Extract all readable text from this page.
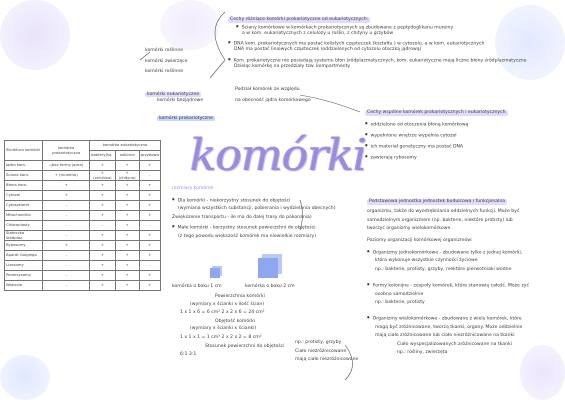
komórki
Cechy różniące komórki prokariotyczne od eukariotycznych:
● Ściany komórkowe w komórkach prokariotycznych są zbudowane z peptydoglikanu mureiny
a w kom. eukariotycznych z celulozy u roślin, z chityny u grzybów
● DNA kom. prokariotycznych ma postać kolistych cząsteczek (kształtu ) w cytozolu, a w kom. eukariotycznych
DNA ma postać liniowych cząsteczek (oddzielonych od cytozolu otoczką jądrową)
● Kom. prokariotyczne nie posiadają systemu błon śródplazmatycznych, kom. eukariotyczne mają liczne błony śródplazmatyczne
Dzieląc komórkę na przedziały tzw. kompartmenty
komórki roślinne
komórki zwierzęce
komórki roślinne
komórki eukariotyczne
Podział komórek ze względu
na obecność jądra komórkowego
komórki bezjądrowe
komórki prokariotyczne
Cechy wspólne komórek prokariotycznych i eukariotycznych
● oddzielone od otoczenia błoną komórkową
● wypełnione wnętrze wypełnia cytozol
● ich materiał genetyczny ma postać DNA
● zawierają rybosomy
Struktura komórki	komórka prokariotyczna	komórka eukariotyczna		
		bakteryjna	roślinna	grzybowa
Jądro kom.	-(bez formy jądra)	+	+	+
Ściana kom.	+ (mureina)	+ (celuloza)	+ (chityna)	-
Błona kom.	+	+	+	+
Cytozol	+	+	+	+
Cytoszkielet	-	+	+	+
Mitochondria	-	+	+	+
Chloroplasty	-	-	+	-
Siateczka śródplaz.	-	+	+	+
Rybosomy	+	+	+	+
Aparat Golgiego	-	+	+	+
Lizosomy	-	+	+	-
Peroksysomy	-	+	+	+
Wakuola	-	+	+	+
rozmiary komórek
● Dla komórki - niekorzystny stosunek do objętości
(wymiana wszystkich substancji, pobierania i wydzielania obecnych)
Zwiększenie transportu - ile ma do dalej trasy do pokonania)
● Małe komórki - korzystny stosunek powierzchni do objętości
(z tego powodu większość komórek ma niewielkie rozmiary)
komórka o boku 1 cm	komórka o boku 2 cm
Powierzchnia komórki
(wymiary x ścianki x ilość ścian)
1 x 1 x 6 = 6 cm² 2 x 2 x 6 = 24 cm²
Objętość komórki
(wymiary x ścianki x ścianki)
1 x 1 x 1 = 1 cm³ 2 x 2 x 2 = 8 cm³
Stosunek powierzchni do objętości
6:1 3:1
Podstawowa jednostka jednostek budulcowa i funkcjonalna
organizmu, także do wyodrębniania oddzielnych funkcji. Może być
samodzielnym organizmem (np. bakterie, niektóre protisty) lub
tworzyć organizmy wielokomórkowe
Poziomy organizacji komórkowej organizmów:
● Organizmy jednokomórkowe - zbudowane tylko z jednej komórki,
która wykonuje wszystkie czynności życiowe
np.: bakterie, protisty, grzyby, niektóre pierwotniaki wodne
● Formy kolonijne - zespoły komórek, które stanowią całość. Może żyć
osobno samodzielnie
np.: bakterie, protisty
● Organizmy wielokomórkowe - zbudowane z wielu komórek, które
mogą być zróżnicowane, tworzą tkanki, organy. Może oddzielnie
mają ciało zróżnicowane lub ciało niezróżnicowane na tkanki
Ciało wyspecjalizowanych zróżnicowane na tkanki
np.: rośliny, zwierzęta
np.: protisty, grzyby
Ciało niezróżnicowane
mają ciało niezróżnicowane
